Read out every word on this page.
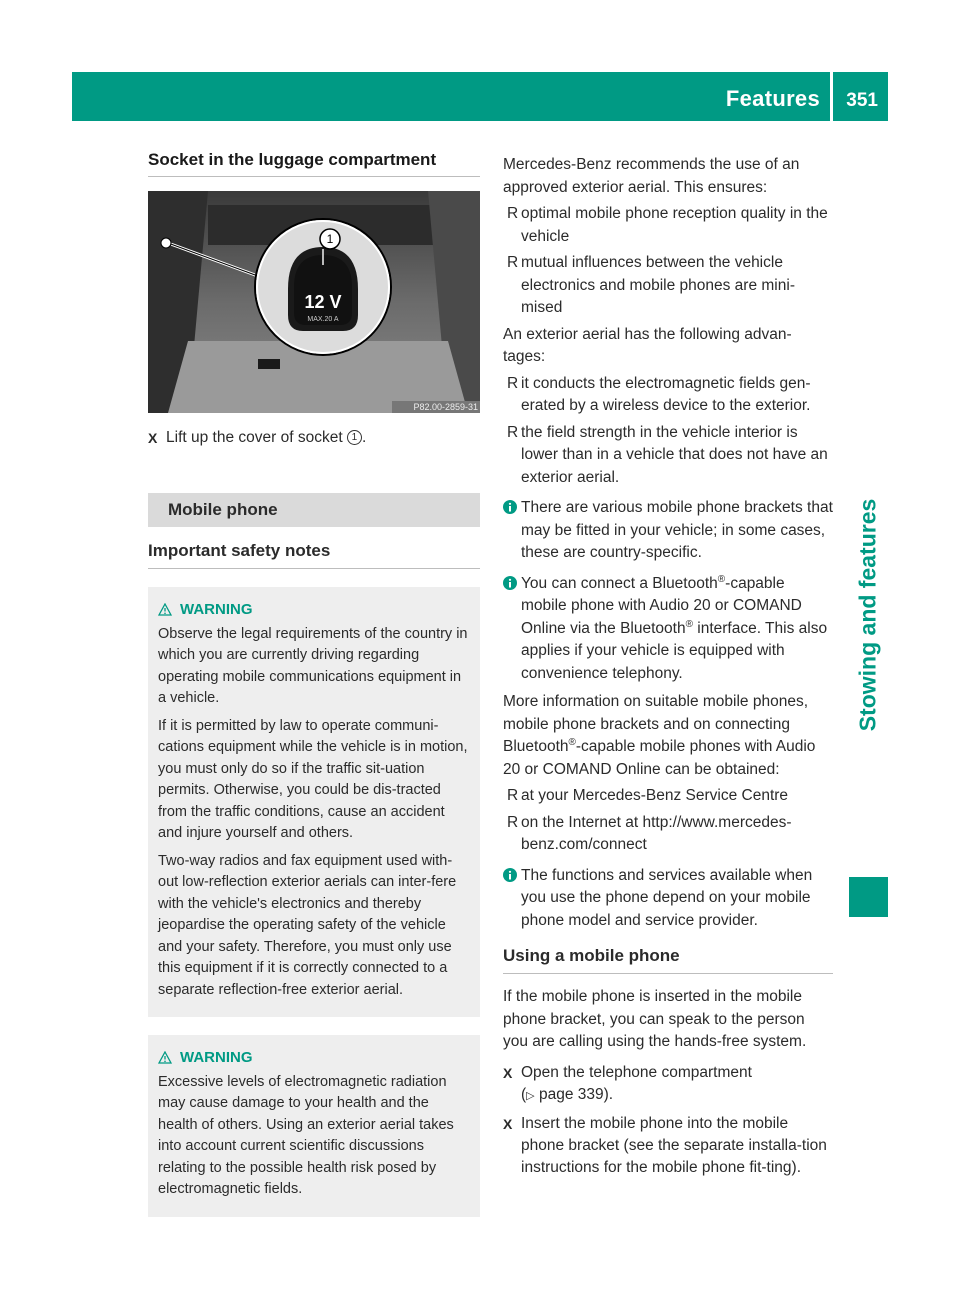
Features 351
Stowing and features
Socket in the luggage compartment
12 V
MAX.20 A
1
P82.00-2859-31
X Lift up the cover of socket 1 .
Mobile phone
Important safety notes
WARNING

Observe the legal requirements of the country in which you are currently driving regarding operating mobile communications equipment in a vehicle.

If it is permitted by law to operate communi-cations equipment while the vehicle is in motion, you must only do so if the traffic sit-uation permits. Otherwise, you could be dis-tracted from the traffic conditions, cause an accident and injure yourself and others.

Two-way radios and fax equipment used with-out low-reflection exterior aerials can inter-fere with the vehicle's electronics and thereby jeopardise the operating safety of the vehicle and your safety. Therefore, you must only use this equipment if it is correctly connected to a separate reflection-free exterior aerial.

WARNING

Excessive levels of electromagnetic radiation may cause damage to your health and the health of others. Using an exterior aerial takes into account current scientific discussions relating to the possible health risk posed by electromagnetic fields.

Mercedes-Benz recommends the use of an approved exterior aerial. This ensures:

R optimal mobile phone reception quality in the vehicle
R mutual influences between the vehicle electronics and mobile phones are mini-mised

An exterior aerial has the following advan-tages:

R it conducts the electromagnetic fields gen-erated by a wireless device to the exterior.
R the field strength in the vehicle interior is lower than in a vehicle that does not have an exterior aerial.
There are various mobile phone brackets that may be fitted in your vehicle; in some cases, these are country-specific.
You can connect a Bluetooth®-capable mobile phone with Audio 20 or COMAND Online via the Bluetooth® interface. This also applies if your vehicle is equipped with convenience telephony.

More information on suitable mobile phones, mobile phone brackets and on connecting Bluetooth®-capable mobile phones with Audio 20 or COMAND Online can be obtained:

R at your Mercedes-Benz Service Centre
R on the Internet at http://www.mercedes-benz.com/connect
The functions and services available when you use the phone depend on your mobile phone model and service provider.
Using a mobile phone

If the mobile phone is inserted in the mobile phone bracket, you can speak to the person you are calling using the hands-free system.

X Open the telephone compartment
(▷ page 339).
X Insert the mobile phone into the mobile phone bracket (see the separate installa-tion instructions for the mobile phone fit-ting).
